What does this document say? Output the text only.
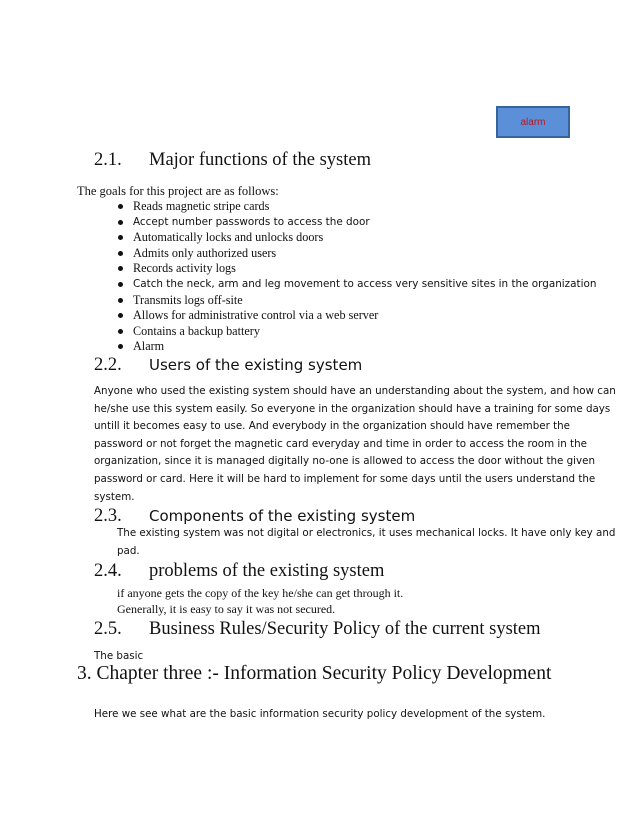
alarm
2.1. Major functions of the system

The goals for this project are as follows:

Reads magnetic stripe cards
Accept number passwords to access the door
Automatically locks and unlocks doors
Admits only authorized users
Records activity logs
Catch the neck, arm and leg movement to access very sensitive sites in the organization
Transmits logs off-site
Allows for administrative control via a web server
Contains a backup battery
Alarm
2.2. Users of the existing system
Anyone who used the existing system should have an understanding about the system, and how can
he/she use this system easily. So everyone in the organization should have a training for some days
untill it becomes easy to use. And everybody in the organization should have remember the
password or not forget the magnetic card everyday and time in order to access the room in the
organization, since it is managed digitally no-one is allowed to access the door without the given
password or card. Here it will be hard to implement for some days until the users understand the
system.
2.3. Components of the existing system
The existing system was not digital or electronics, it uses mechanical locks. It have only key and
pad.
2.4. problems of the existing system
if anyone gets the copy of the key he/she can get through it.
Generally, it is easy to say it was not secured.
2.5. Business Rules/Security Policy of the current system

The basic

3. Chapter three :- Information Security Policy Development

Here we see what are the basic information security policy development of the system.
